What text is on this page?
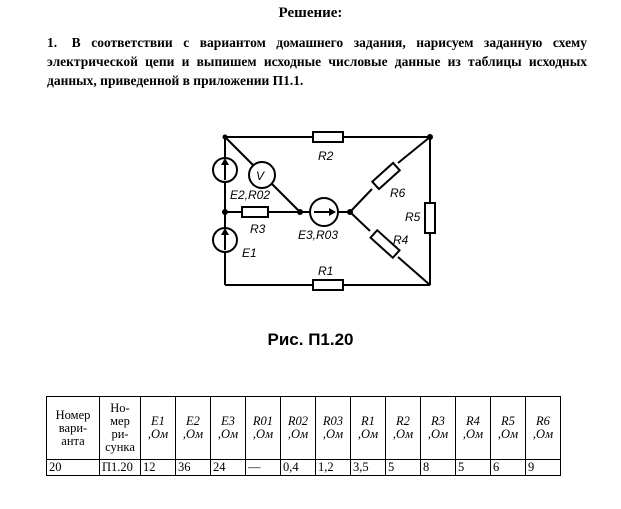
Решение:
1. В соответствии с вариантом домашнего задания, нарисуем заданную схему электрической цепи и выпишем исходные числовые данные из таблицы исходных данных, приведенной в приложении П1.1.
V
R2
R6
R5
R4
R3
R1
E2,R02
E3,R03
E1
Рис. П1.20
Номер вари-анта	Но-мер ри-сунка	E1 ,Ом	E2 ,Ом	E3 ,Ом	R01 ,Ом	R02 ,Ом	R03 ,Ом	R1 ,Ом	R2 ,Ом	R3 ,Ом	R4 ,Ом	R5 ,Ом	R6 ,Ом
20	П1.20	12	36	24	—	0,4	1,2	3,5	5	8	5	6	9
